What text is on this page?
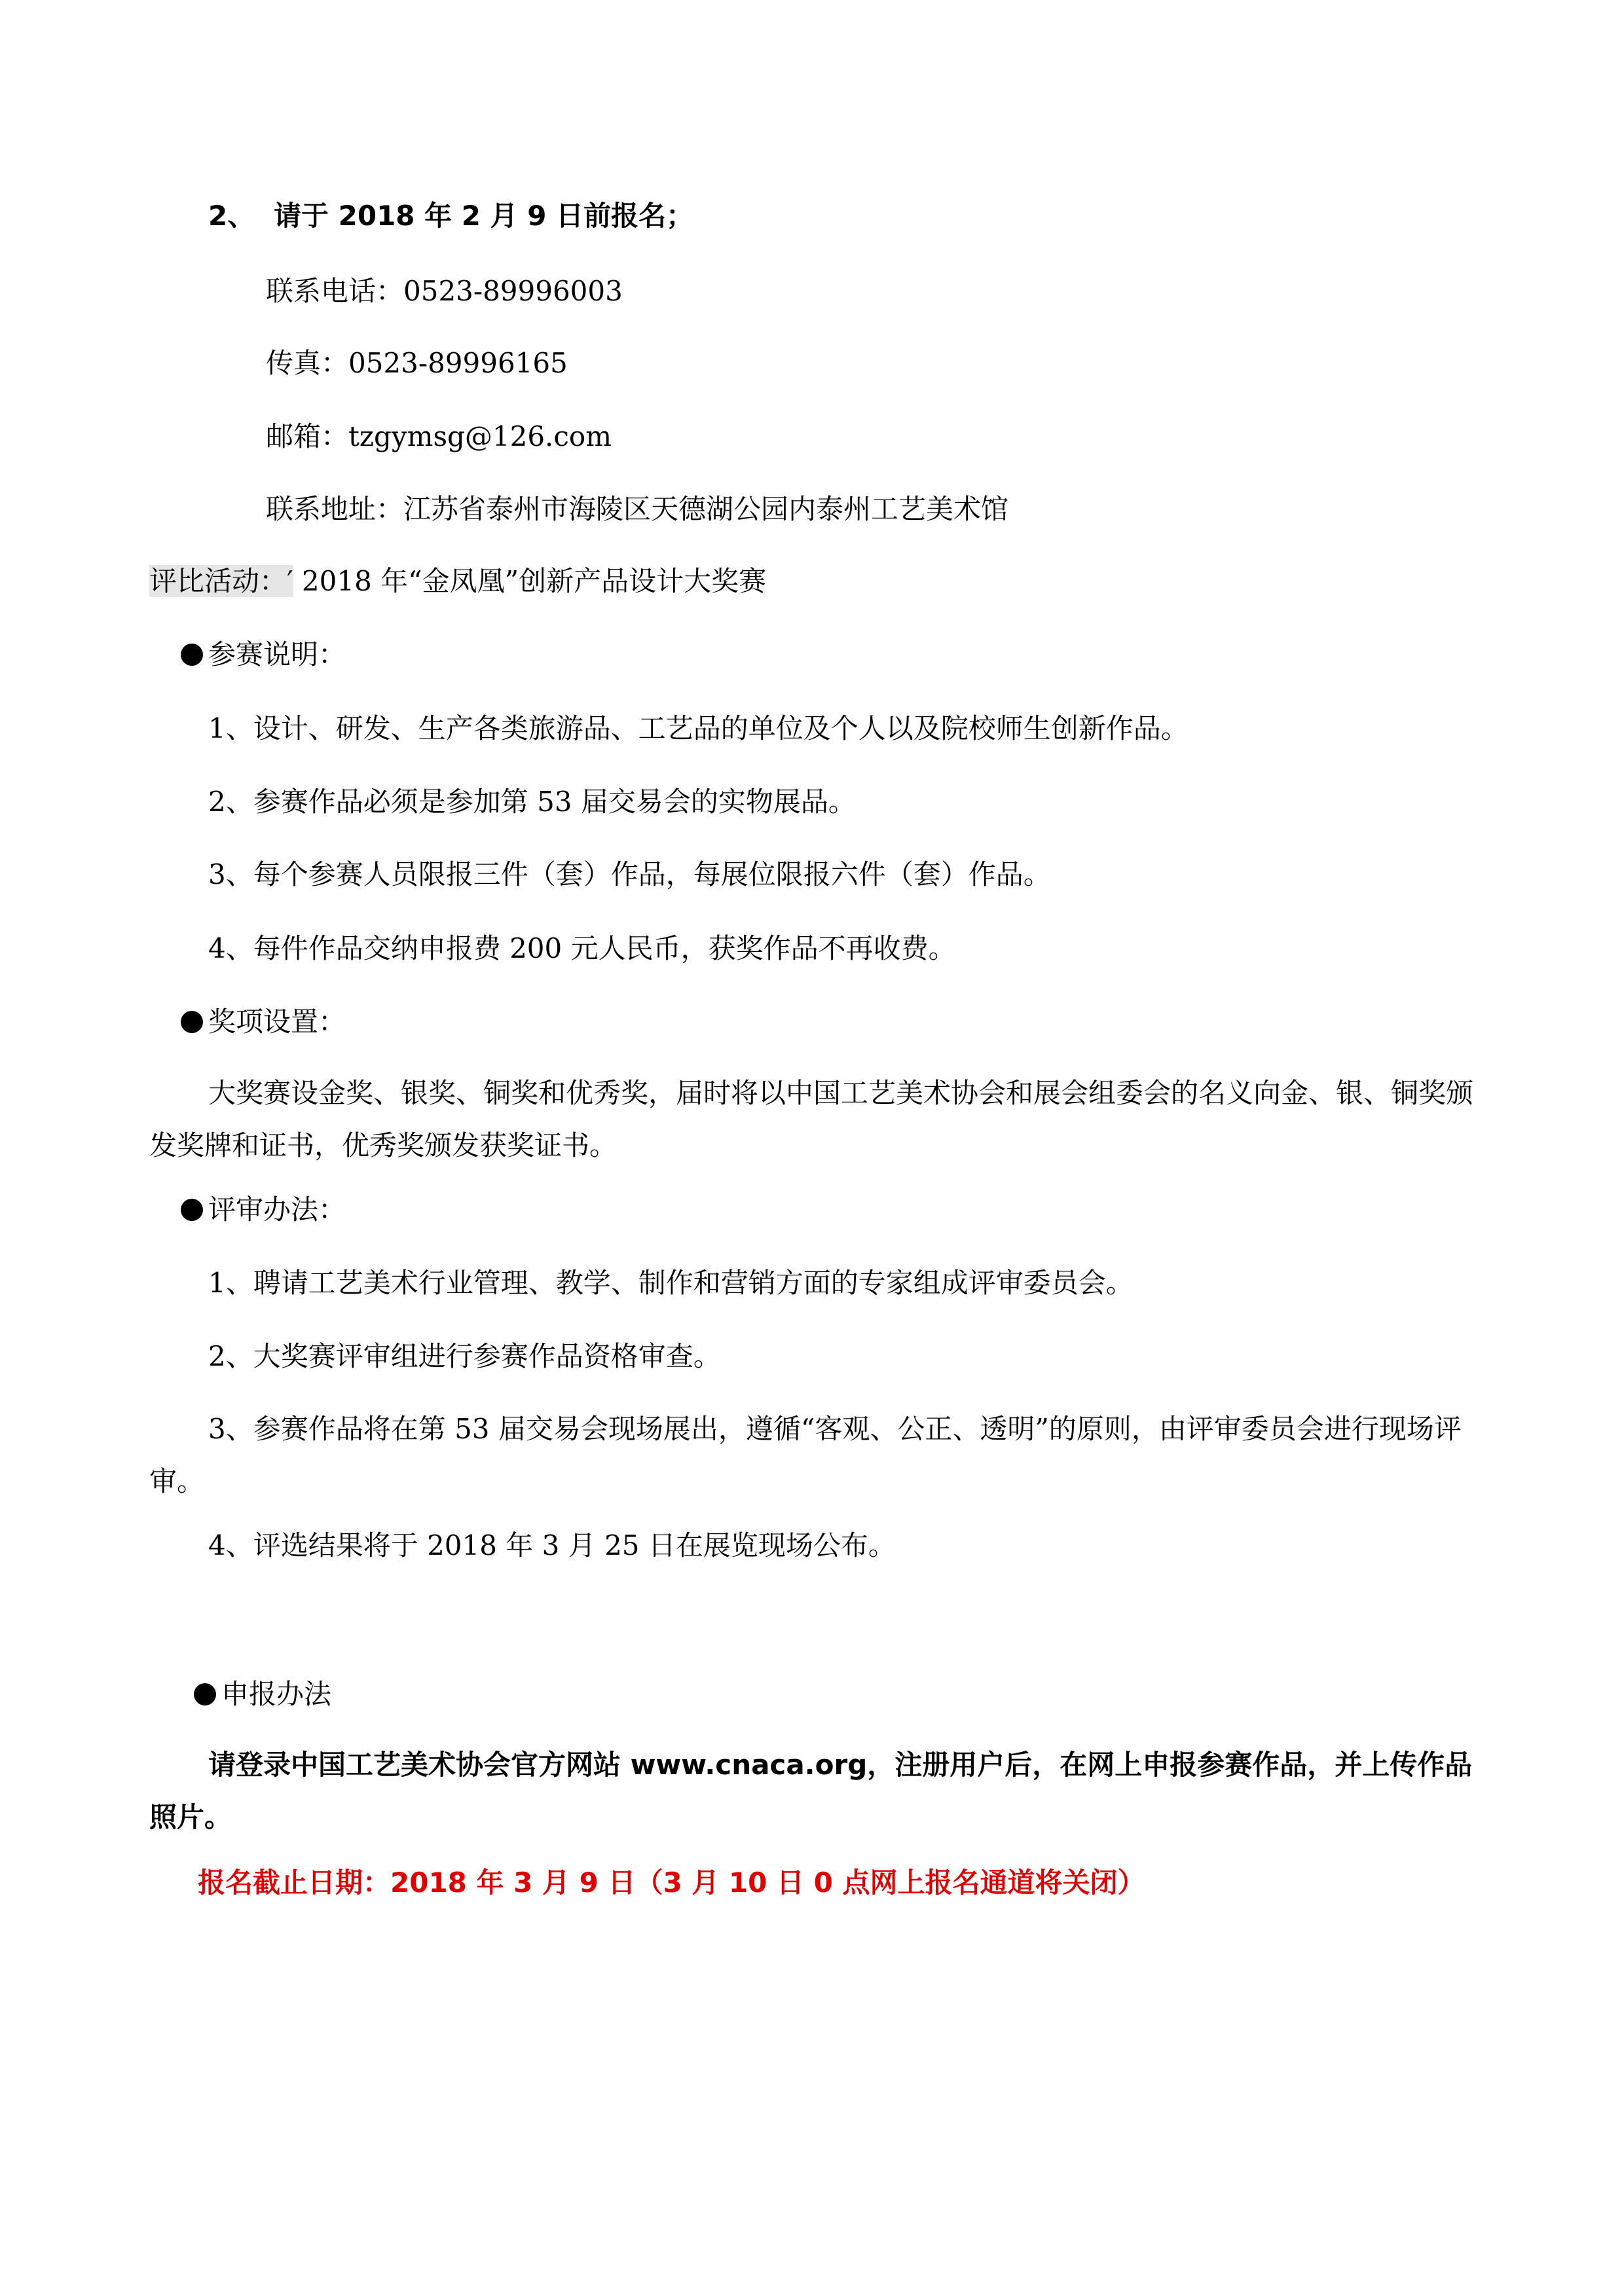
2、 请于 2018 年 2 月 9 日前报名；
联系电话：0523-89996003
传真：0523-89996165
邮箱：tzgymsg@126.com
联系地址：江苏省泰州市海陵区天德湖公园内泰州工艺美术馆
评比活动：′ 2018 年“金凤凰”创新产品设计大奖赛
参赛说明：
1、设计、研发、生产各类旅游品、工艺品的单位及个人以及院校师生创新作品。
2、参赛作品必须是参加第 53 届交易会的实物展品。
3、每个参赛人员限报三件（套）作品，每展位限报六件（套）作品。
4、每件作品交纳申报费 200 元人民币，获奖作品不再收费。
奖项设置：

大奖赛设金奖、银奖、铜奖和优秀奖，届时将以中国工艺美术协会和展会组委会的名义向金、银、铜奖颁发奖牌和证书，优秀奖颁发获奖证书。

评审办法：
1、聘请工艺美术行业管理、教学、制作和营销方面的专家组成评审委员会。
2、大奖赛评审组进行参赛作品资格审查。

3、参赛作品将在第 53 届交易会现场展出，遵循“客观、公正、透明”的原则，由评审委员会进行现场评审。

4、评选结果将于 2018 年 3 月 25 日在展览现场公布。
申报办法

请登录中国工艺美术协会官方网站 www.cnaca.org，注册用户后，在网上申报参赛作品，并上传作品照片。

报名截止日期：2018 年 3 月 9 日（3 月 10 日 0 点网上报名通道将关闭）
